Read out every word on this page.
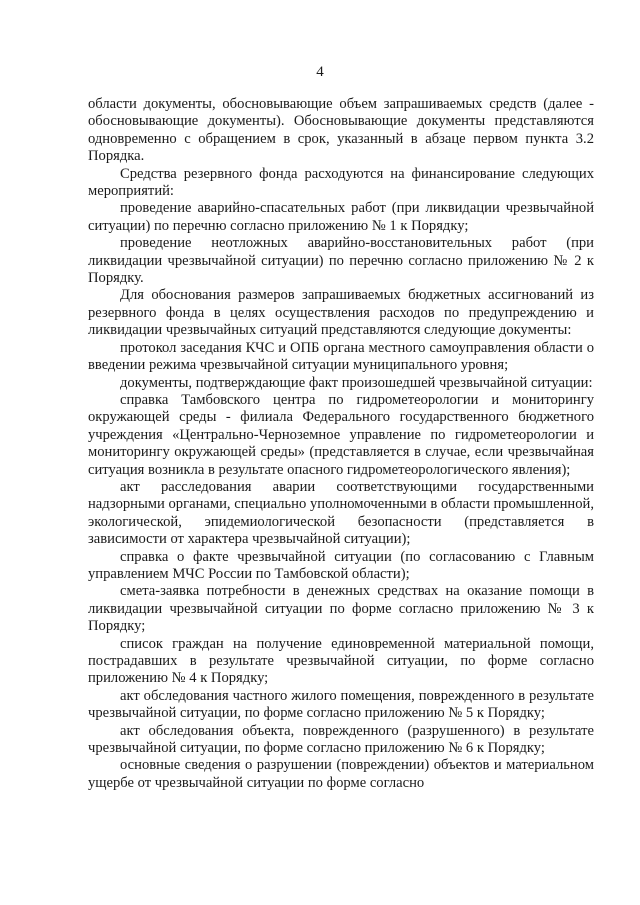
4

области документы, обосновывающие объем запрашиваемых средств (далее - обосновывающие документы). Обосновывающие документы представляются одновременно с обращением в срок, указанный в абзаце первом пункта 3.2 Порядка.

Средства резервного фонда расходуются на финансирование следующих мероприятий:

проведение аварийно-спасательных работ (при ликвидации чрезвычайной ситуации) по перечню согласно приложению № 1 к Порядку;

проведение неотложных аварийно-восстановительных работ (при ликвидации чрезвычайной ситуации) по перечню согласно приложению № 2 к Порядку.

Для обоснования размеров запрашиваемых бюджетных ассигнований из резервного фонда в целях осуществления расходов по предупреждению и ликвидации чрезвычайных ситуаций представляются следующие документы:

протокол заседания КЧС и ОПБ органа местного самоуправления области о введении режима чрезвычайной ситуации муниципального уровня;

документы, подтверждающие факт произошедшей чрезвычайной ситуации:

справка Тамбовского центра по гидрометеорологии и мониторингу окружающей среды - филиала Федерального государственного бюджетного учреждения «Центрально-Черноземное управление по гидрометеорологии и мониторингу окружающей среды» (представляется в случае, если чрезвычайная ситуация возникла в результате опасного гидрометеорологического явления);

акт расследования аварии соответствующими государственными надзорными органами, специально уполномоченными в области промышленной, экологической, эпидемиологической безопасности (представляется в зависимости от характера чрезвычайной ситуации);

справка о факте чрезвычайной ситуации (по согласованию с Главным управлением МЧС России по Тамбовской области);

смета-заявка потребности в денежных средствах на оказание помощи в ликвидации чрезвычайной ситуации по форме согласно приложению № 3 к Порядку;

список граждан на получение единовременной материальной помощи, пострадавших в результате чрезвычайной ситуации, по форме согласно приложению № 4 к Порядку;

акт обследования частного жилого помещения, поврежденного в результате чрезвычайной ситуации, по форме согласно приложению № 5 к Порядку;

акт обследования объекта, поврежденного (разрушенного) в результате чрезвычайной ситуации, по форме согласно приложению № 6 к Порядку;

основные сведения о разрушении (повреждении) объектов и материальном ущербе от чрезвычайной ситуации по форме согласно
